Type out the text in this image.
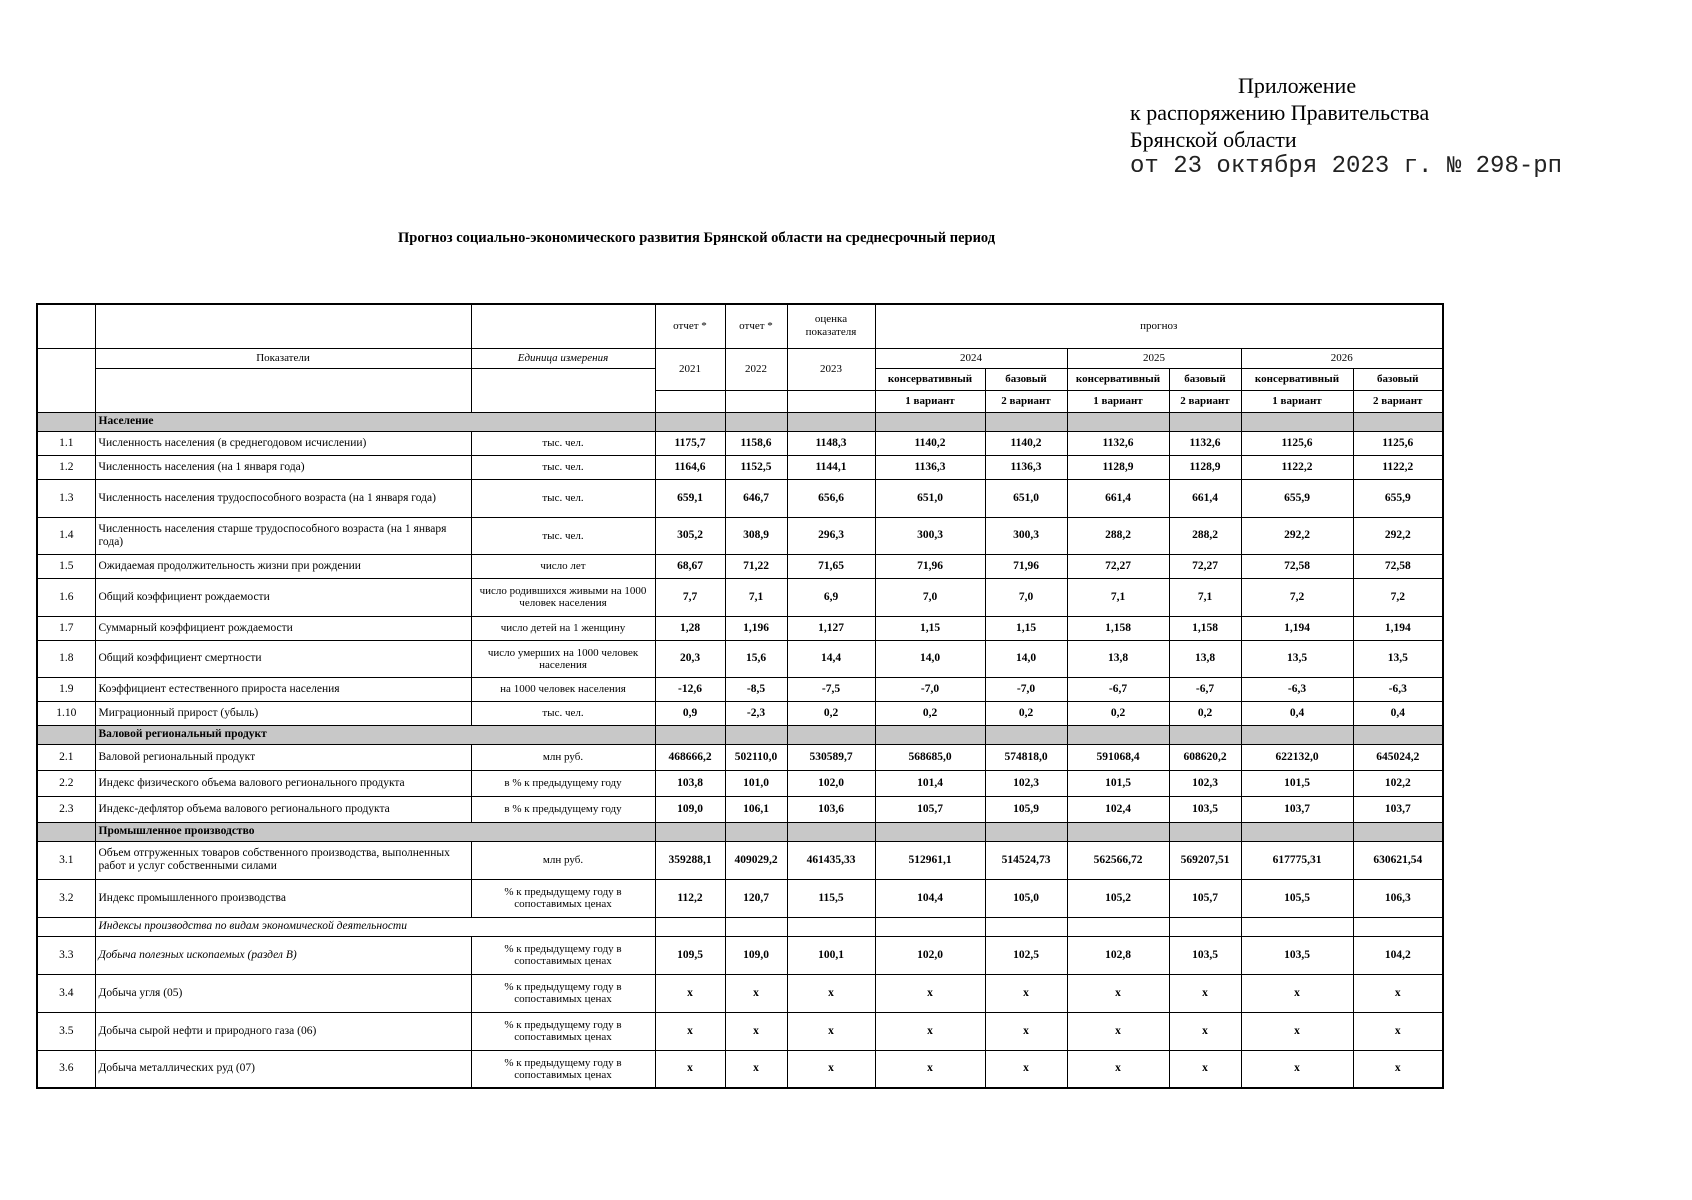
Приложение
к распоряжению Правительства
Брянской области
от 23 октября 2023 г. № 298-рп
Прогноз социально-экономического развития Брянской области на среднесрочный период
			отчет *	отчет *	оценка показателя	прогноз					
	Показатели	Единица измерения	2021	2022	2023	2024		2025		2026	
						консервативный	базовый	консервативный	базовый	консервативный	базовый
						1 вариант	2 вариант	1 вариант	2 вариант	1 вариант	2 вариант
	Население										
1.1	Численность населения (в среднегодовом исчислении)	тыс. чел.	1175,7	1158,6	1148,3	1140,2	1140,2	1132,6	1132,6	1125,6	1125,6
1.2	Численность населения (на 1 января года)	тыс. чел.	1164,6	1152,5	1144,1	1136,3	1136,3	1128,9	1128,9	1122,2	1122,2
1.3	Численность населения трудоспособного возраста (на 1 января года)	тыс. чел.	659,1	646,7	656,6	651,0	651,0	661,4	661,4	655,9	655,9
1.4	Численность населения старше трудоспособного возраста (на 1 января года)	тыс. чел.	305,2	308,9	296,3	300,3	300,3	288,2	288,2	292,2	292,2
1.5	Ожидаемая продолжительность жизни при рождении	число лет	68,67	71,22	71,65	71,96	71,96	72,27	72,27	72,58	72,58
1.6	Общий коэффициент рождаемости	число родившихся живыми на 1000 человек населения	7,7	7,1	6,9	7,0	7,0	7,1	7,1	7,2	7,2
1.7	Суммарный коэффициент рождаемости	число детей на 1 женщину	1,28	1,196	1,127	1,15	1,15	1,158	1,158	1,194	1,194
1.8	Общий коэффициент смертности	число умерших на 1000 человек населения	20,3	15,6	14,4	14,0	14,0	13,8	13,8	13,5	13,5
1.9	Коэффициент естественного прироста населения	на 1000 человек населения	-12,6	-8,5	-7,5	-7,0	-7,0	-6,7	-6,7	-6,3	-6,3
1.10	Миграционный прирост (убыль)	тыс. чел.	0,9	-2,3	0,2	0,2	0,2	0,2	0,2	0,4	0,4
	Валовой региональный продукт										
2.1	Валовой региональный продукт	млн руб.	468666,2	502110,0	530589,7	568685,0	574818,0	591068,4	608620,2	622132,0	645024,2
2.2	Индекс физического объема валового регионального продукта	в % к предыдущему году	103,8	101,0	102,0	101,4	102,3	101,5	102,3	101,5	102,2
2.3	Индекс-дефлятор объема валового регионального продукта	в % к предыдущему году	109,0	106,1	103,6	105,7	105,9	102,4	103,5	103,7	103,7
	Промышленное производство										
3.1	Объем отгруженных товаров собственного производства, выполненных работ и услуг собственными силами	млн руб.	359288,1	409029,2	461435,33	512961,1	514524,73	562566,72	569207,51	617775,31	630621,54
3.2	Индекс промышленного производства	% к предыдущему году в сопоставимых ценах	112,2	120,7	115,5	104,4	105,0	105,2	105,7	105,5	106,3
	Индексы производства по видам экономической деятельности										
3.3	Добыча полезных ископаемых (раздел В)	% к предыдущему году в сопоставимых ценах	109,5	109,0	100,1	102,0	102,5	102,8	103,5	103,5	104,2
3.4	Добыча угля (05)	% к предыдущему году в сопоставимых ценах	x	x	x	x	x	x	x	x	x
3.5	Добыча сырой нефти и природного газа (06)	% к предыдущему году в сопоставимых ценах	x	x	x	x	x	x	x	x	x
3.6	Добыча металлических руд (07)	% к предыдущему году в сопоставимых ценах	x	x	x	x	x	x	x	x	x
